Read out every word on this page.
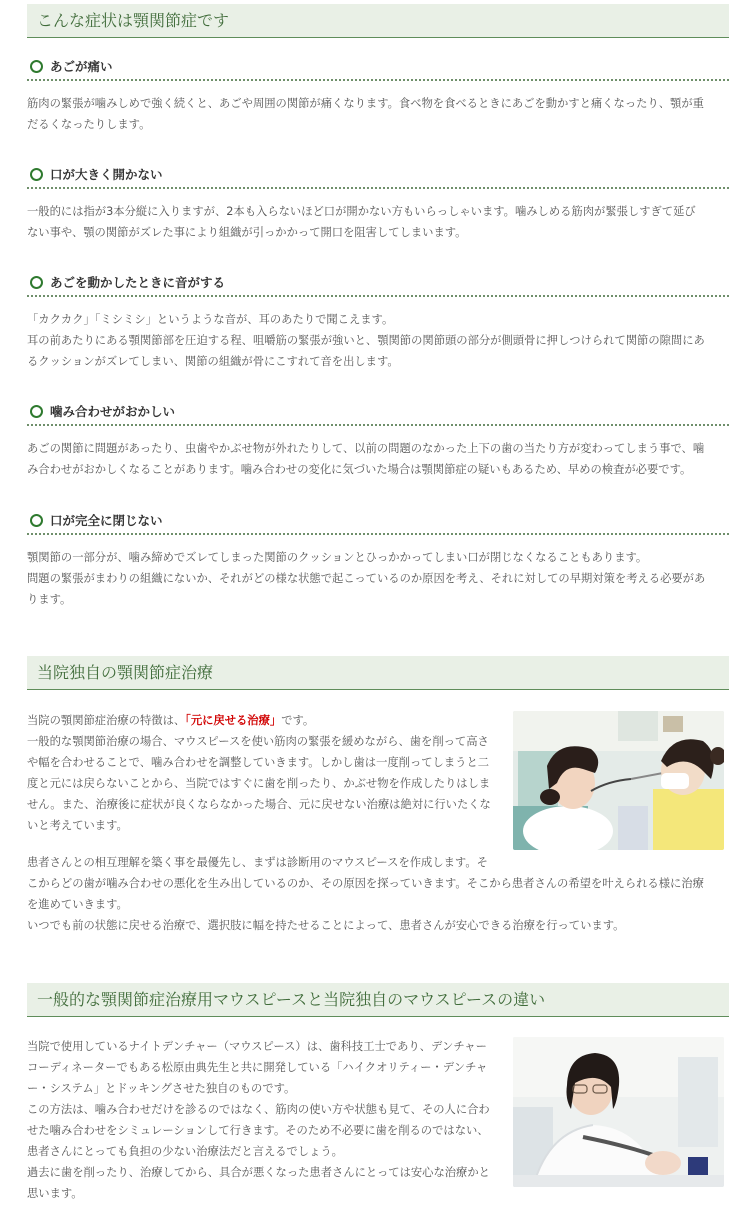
こんな症状は顎関節症です
あごが痛い

筋肉の緊張が噛みしめで強く続くと、あごや周囲の関節が痛くなります。食べ物を食べるときにあごを動かすと痛くなったり、顎が重

だるくなったりします。

口が大きく開かない

一般的には指が3本分縦に入りますが、2本も入らないほど口が開かない方もいらっしゃいます。噛みしめる筋肉が緊張しすぎて延び

ない事や、顎の関節がズレた事により組織が引っかかって開口を阻害してしまいます。

あごを動かしたときに音がする

「カクカク」「ミシミシ」というような音が、耳のあたりで聞こえます。

耳の前あたりにある顎関節部を圧迫する程、咀嚼筋の緊張が強いと、顎関節の関節頭の部分が側頭骨に押しつけられて関節の隙間にあ

るクッションがズレてしまい、関節の組織が骨にこすれて音を出します。

噛み合わせがおかしい

あごの関節に問題があったり、虫歯やかぶせ物が外れたりして、以前の問題のなかった上下の歯の当たり方が変わってしまう事で、噛

み合わせがおかしくなることがあります。噛み合わせの変化に気づいた場合は顎関節症の疑いもあるため、早めの検査が必要です。

口が完全に閉じない

顎関節の一部分が、噛み締めでズレてしまった関節のクッションとひっかかってしまい口が閉じなくなることもあります。

問題の緊張がまわりの組織にないか、それがどの様な状態で起こっているのか原因を考え、それに対しての早期対策を考える必要があ

ります。

当院独自の顎関節症治療

当院の顎関節症治療の特徴は、「元に戻せる治療」です。

一般的な顎関節治療の場合、マウスピースを使い筋肉の緊張を緩めながら、歯を削って高さ

や幅を合わせることで、噛み合わせを調整していきます。しかし歯は一度削ってしまうと二

度と元には戻らないことから、当院ではすぐに歯を削ったり、かぶせ物を作成したりはしま

せん。また、治療後に症状が良くならなかった場合、元に戻せない治療は絶対に行いたくな

いと考えています。

患者さんとの相互理解を築く事を最優先し、まずは診断用のマウスピースを作成します。そ

こからどの歯が噛み合わせの悪化を生み出しているのか、その原因を探っていきます。そこから患者さんの希望を叶えられる様に治療

を進めていきます。

いつでも前の状態に戻せる治療で、選択肢に幅を持たせることによって、患者さんが安心できる治療を行っています。

一般的な顎関節症治療用マウスピースと当院独自のマウスピースの違い

当院で使用しているナイトデンチャー（マウスピース）は、歯科技工士であり、デンチャー

コーディネーターでもある松原由典先生と共に開発している「ハイクオリティー・デンチャ

ー・システム」とドッキングさせた独自のものです。

この方法は、噛み合わせだけを診るのではなく、筋肉の使い方や状態も見て、その人に合わ

せた噛み合わせをシミュレーションして行きます。そのため不必要に歯を削るのではない、

患者さんにとっても負担の少ない治療法だと言えるでしょう。

過去に歯を削ったり、治療してから、具合が悪くなった患者さんにとっては安心な治療かと

思います。
